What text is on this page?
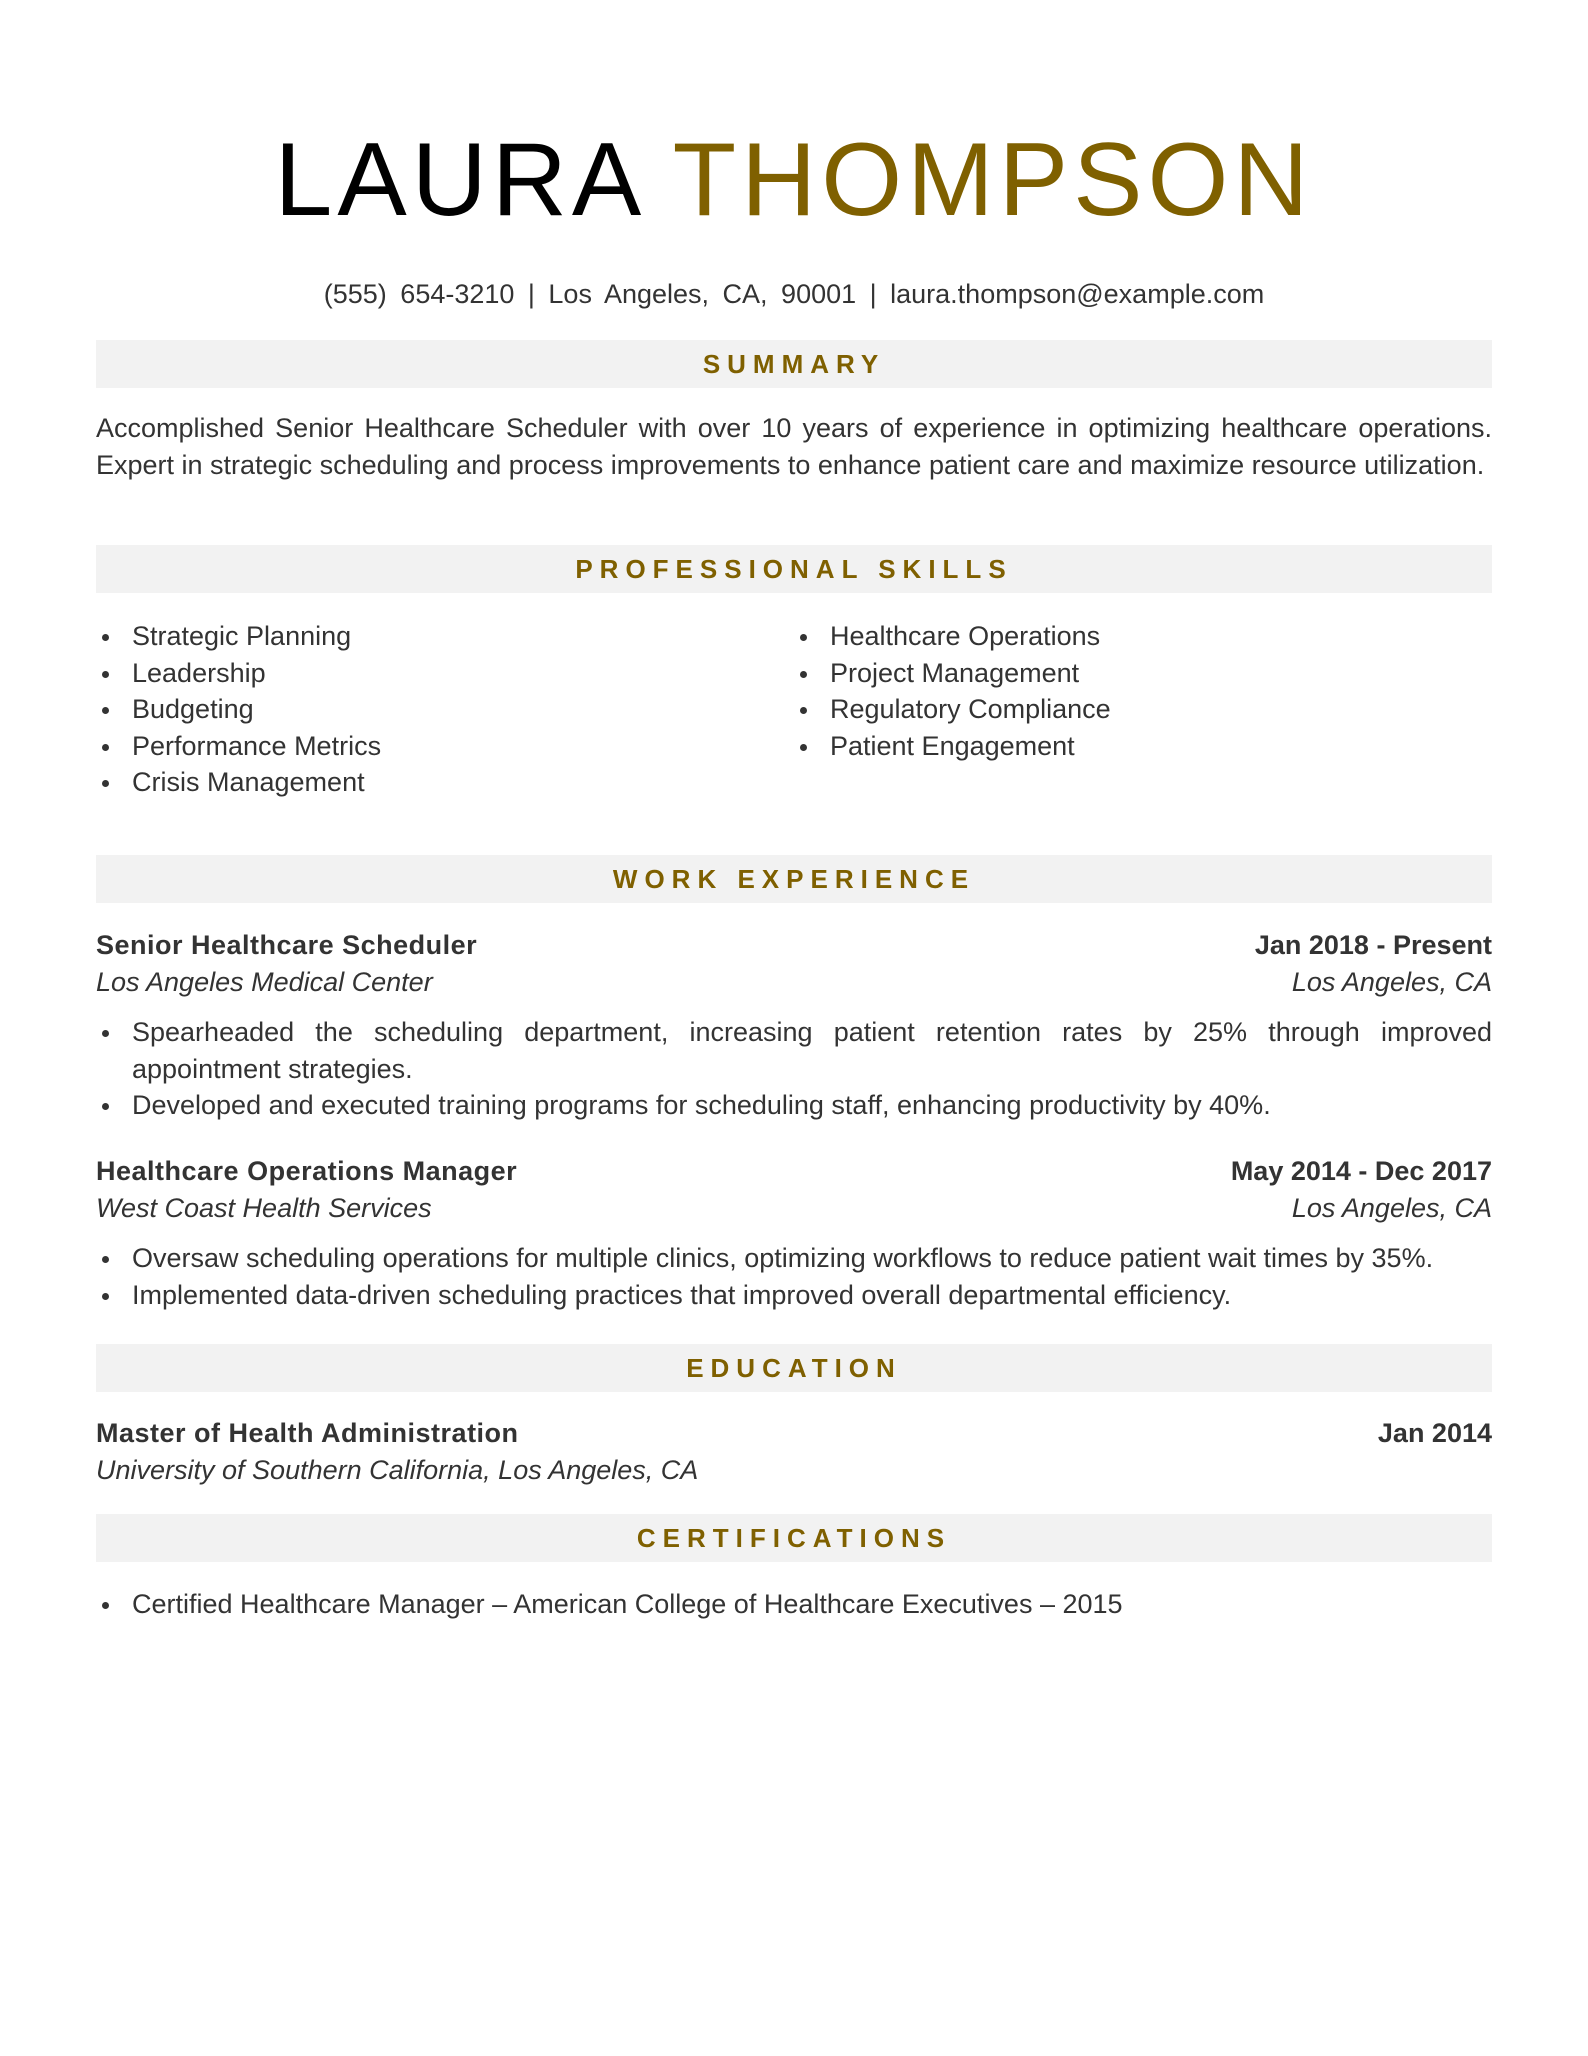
LAURA THOMPSON
(555) 654-3210 | Los Angeles, CA, 90001 | laura.thompson@example.com
SUMMARY
Accomplished Senior Healthcare Scheduler with over 10 years of experience in optimizing healthcare operations. Expert in strategic scheduling and process improvements to enhance patient care and maximize resource utilization.
PROFESSIONAL SKILLS
Strategic Planning
Leadership
Budgeting
Performance Metrics
Crisis Management
Healthcare Operations
Project Management
Regulatory Compliance
Patient Engagement
WORK EXPERIENCE
Senior Healthcare Scheduler	Jan 2018 - Present
Los Angeles Medical Center	Los Angeles, CA
Spearheaded the scheduling department, increasing patient retention rates by 25% through improved appointment strategies.
Developed and executed training programs for scheduling staff, enhancing productivity by 40%.
Healthcare Operations Manager	May 2014 - Dec 2017
West Coast Health Services	Los Angeles, CA
Oversaw scheduling operations for multiple clinics, optimizing workflows to reduce patient wait times by 35%.
Implemented data-driven scheduling practices that improved overall departmental efficiency.
EDUCATION
Master of Health Administration	Jan 2014
University of Southern California, Los Angeles, CA
CERTIFICATIONS
Certified Healthcare Manager – American College of Healthcare Executives – 2015
